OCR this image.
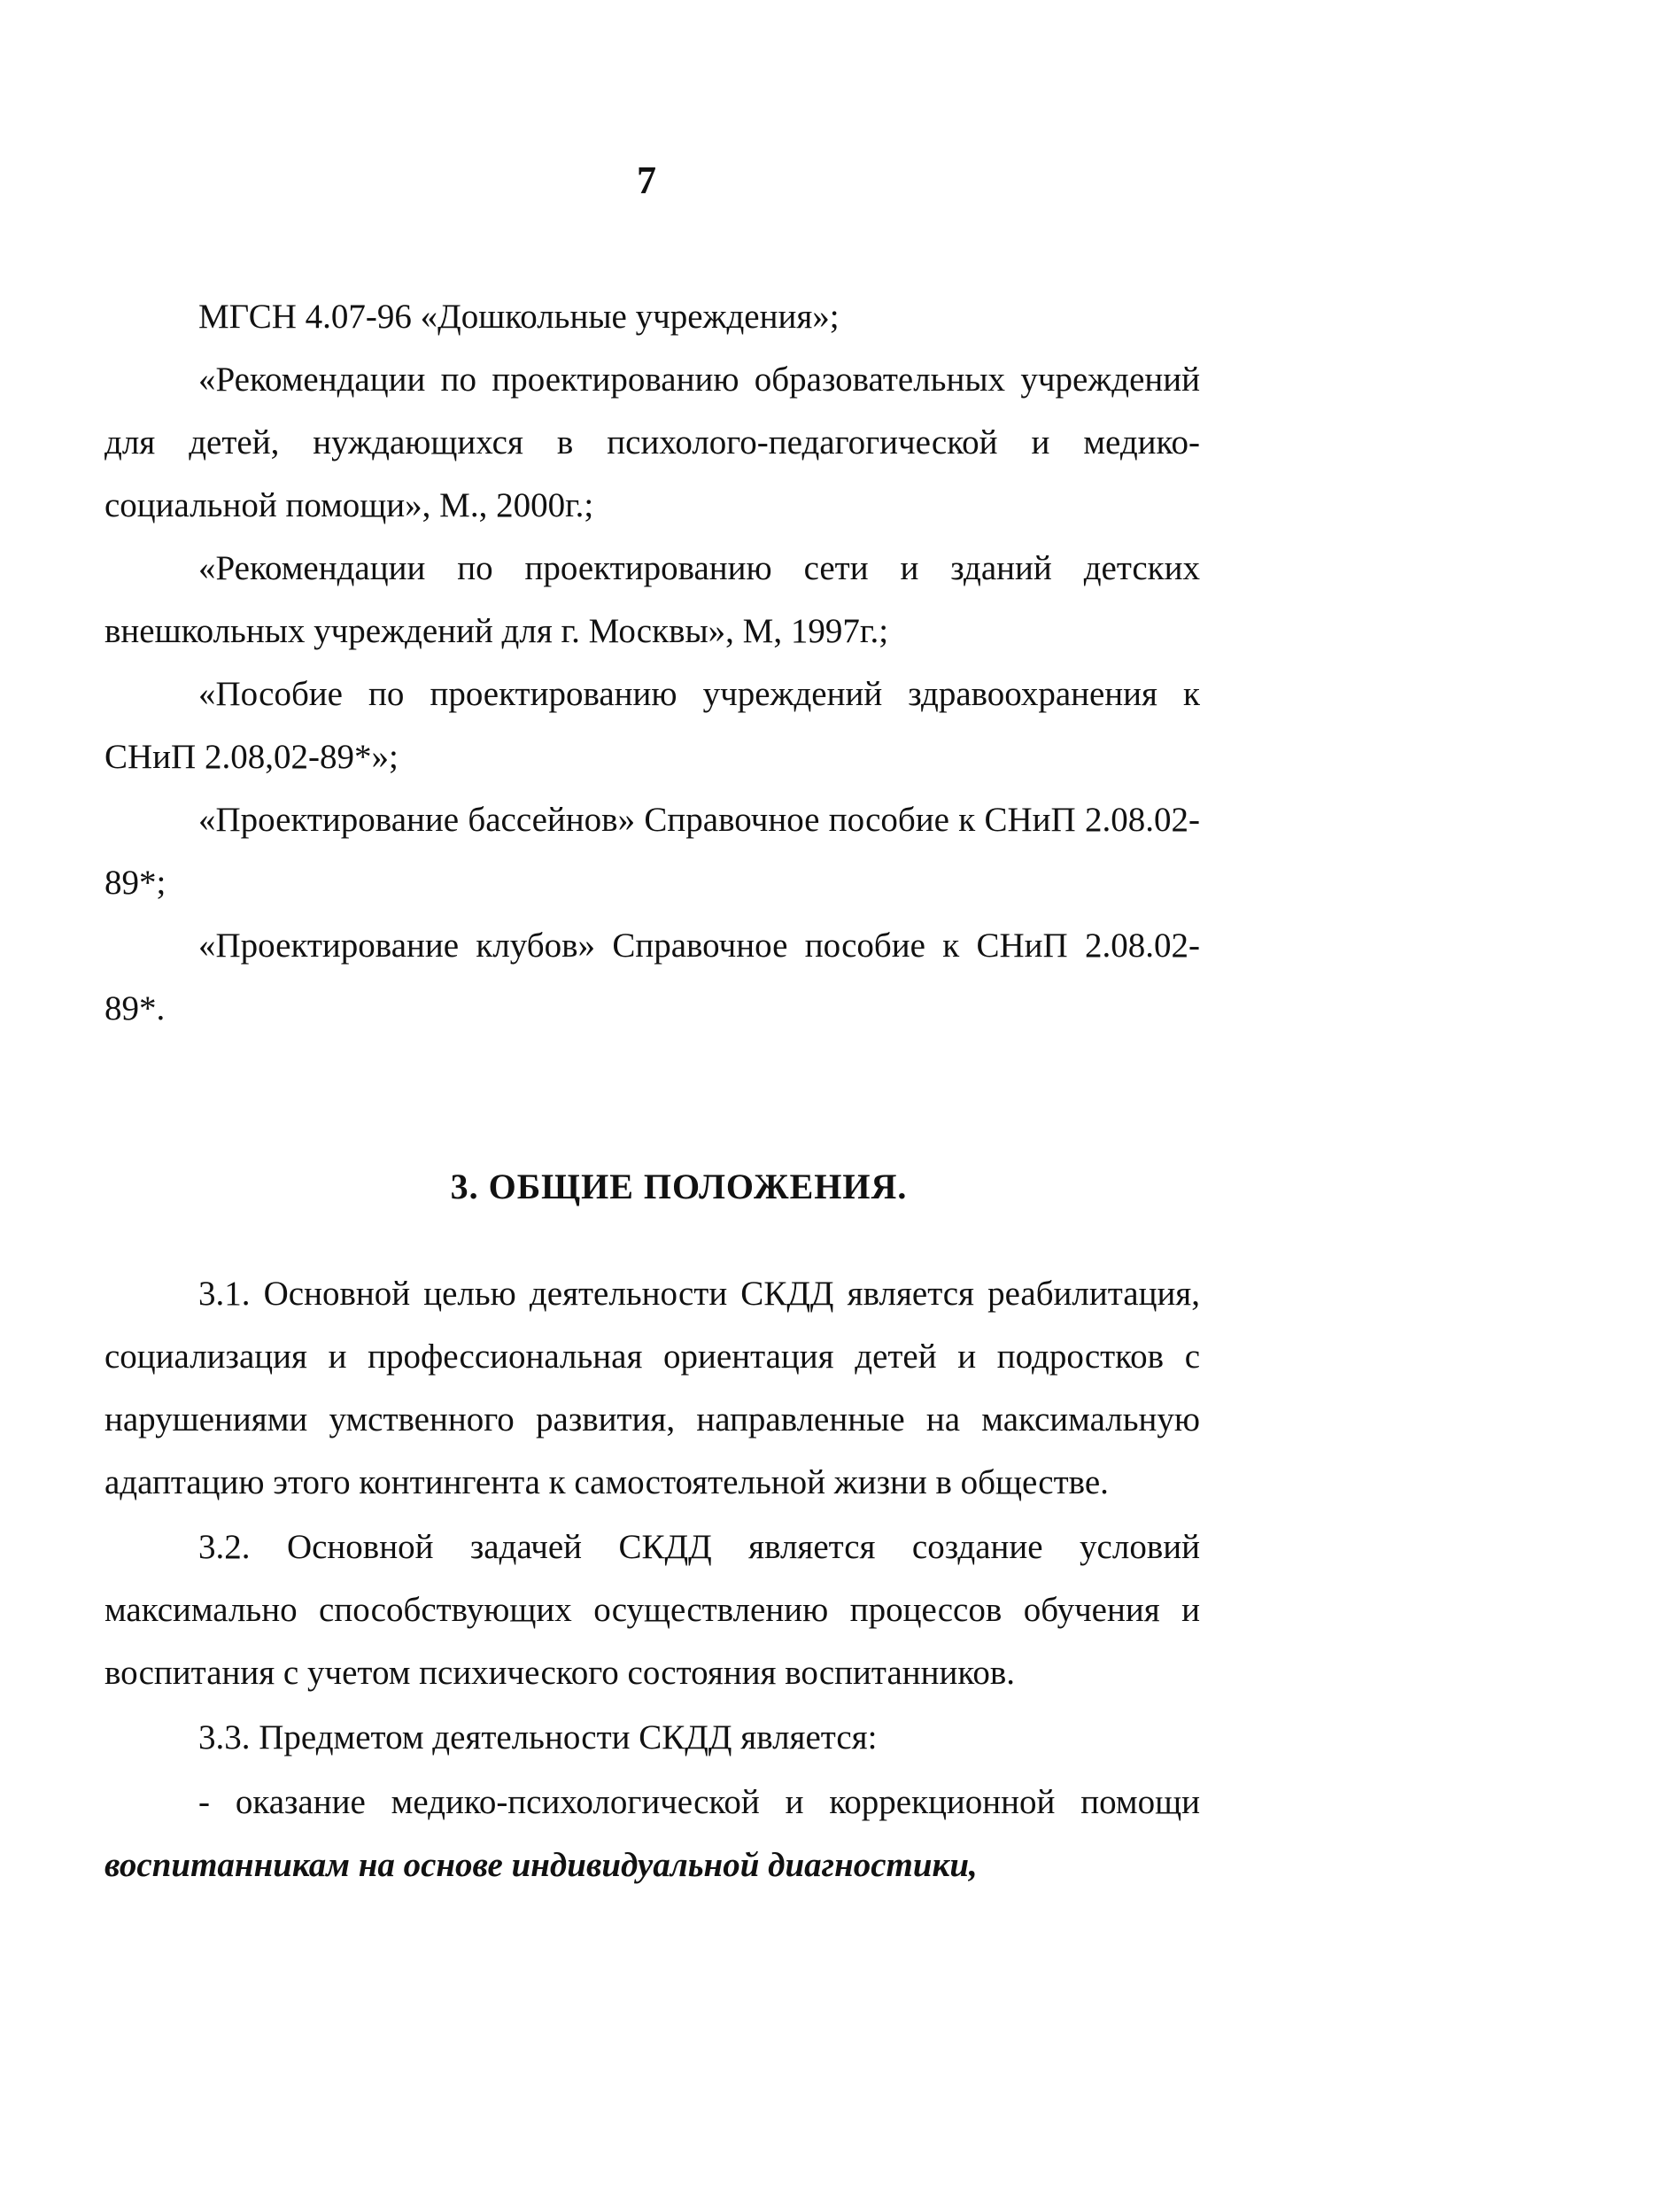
7

МГСН 4.07-96 «Дошкольные учреждения»;

«Рекомендации по проектированию образовательных учреждений для детей, нуждающихся в психолого-педагогической и медико-социальной помощи», М., 2000г.;

«Рекомендации по проектированию сети и зданий детских внешкольных учреждений для г. Москвы», М, 1997г.;

«Пособие по проектированию учреждений здравоохранения к СНиП 2.08,02-89*»;

«Проектирование бассейнов» Справочное пособие к СНиП 2.08.02-89*;

«Проектирование клубов» Справочное пособие к СНиП 2.08.02-89*.

3. ОБЩИЕ ПОЛОЖЕНИЯ.

3.1. Основной целью деятельности СКДД является реабилитация, социализация и профессиональная ориентация детей и подростков с нарушениями умственного развития, направленные на максимальную адаптацию этого контингента к самостоятельной жизни в обществе.

3.2. Основной задачей СКДД является создание условий максимально способствующих осуществлению процессов обучения и воспитания с учетом психического состояния воспитанников.

3.3. Предметом деятельности СКДД является:

- оказание медико-психологической и коррекционной помощи воспитанникам на основе индивидуальной диагностики,
